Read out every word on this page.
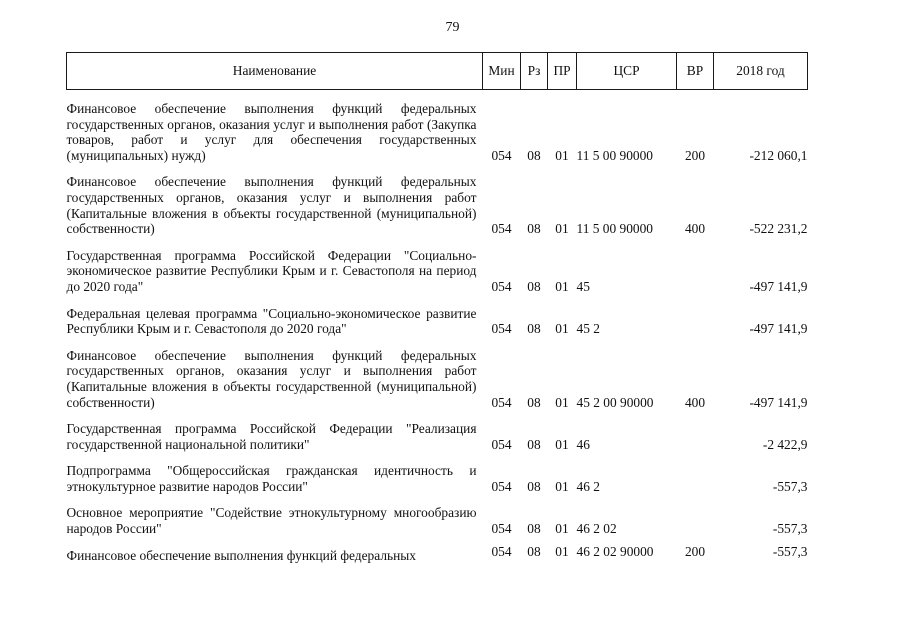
79
Наименование	Мин	Рз	ПР	ЦСР	ВР	2018 год

Финансовое обеспечение выполнения функций федеральных государственных органов, оказания услуг и выполнения работ (Закупка товаров, работ и услуг для обеспечения государственных (муниципальных) нужд)	054	08	01	11 5 00 90000	200	-212 060,1

Финансовое обеспечение выполнения функций федеральных государственных органов, оказания услуг и выполнения работ (Капитальные вложения в объекты государственной (муниципальной) собственности)	054	08	01	11 5 00 90000	400	-522 231,2

Государственная программа Российской Федерации "Социально-экономическое развитие Республики Крым и г. Севастополя на период до 2020 года"	054	08	01	45		-497 141,9

Федеральная целевая программа "Социально-экономическое развитие Республики Крым и г. Севастополя до 2020 года"	054	08	01	45 2		-497 141,9

Финансовое обеспечение выполнения функций федеральных государственных органов, оказания услуг и выполнения работ (Капитальные вложения в объекты государственной (муниципальной) собственности)	054	08	01	45 2 00 90000	400	-497 141,9

Государственная программа Российской Федерации "Реализация государственной национальной политики"	054	08	01	46		-2 422,9

Подпрограмма "Общероссийская гражданская идентичность и этнокультурное развитие народов России"	054	08	01	46 2		-557,3

Основное мероприятие "Содействие этнокультурному многообразию народов России"	054	08	01	46 2 02		-557,3

Финансовое обеспечение выполнения функций федеральных	054	08	01	46 2 02 90000	200	-557,3
